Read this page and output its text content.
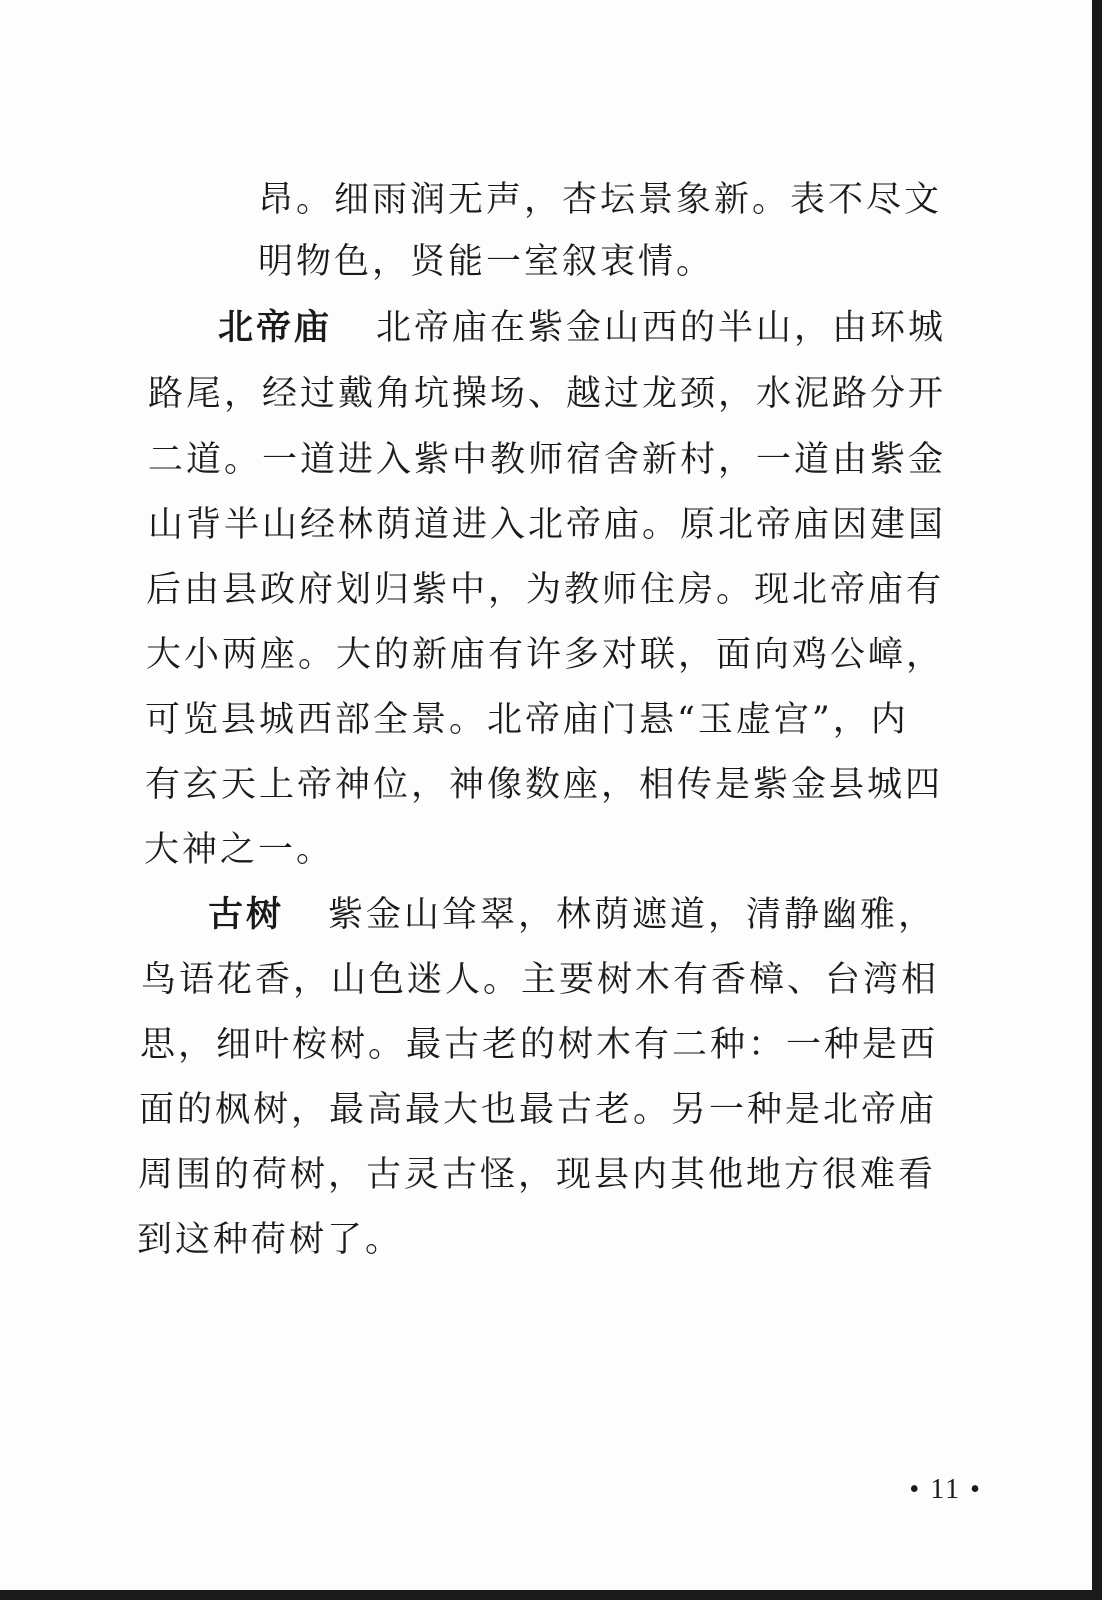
昂。细雨润无声，杏坛景象新。表不尽文
明物色，贤能一室叙衷情。
北帝庙 北帝庙在紫金山西的半山，由环城
路尾，经过戴角坑操场、越过龙颈，水泥路分开
二道。一道进入紫中教师宿舍新村，一道由紫金
山背半山经林荫道进入北帝庙。原北帝庙因建国
后由县政府划归紫中，为教师住房。现北帝庙有
大小两座。大的新庙有许多对联，面向鸡公嶂，
可览县城西部全景。北帝庙门悬“玉虚宫”，内
有玄天上帝神位，神像数座，相传是紫金县城四
大神之一。
古树 紫金山耸翠，林荫遮道，清静幽雅，
鸟语花香，山色迷人。主要树木有香樟、台湾相
思，细叶桉树。最古老的树木有二种：一种是西
面的枫树，最高最大也最古老。另一种是北帝庙
周围的荷树，古灵古怪，现县内其他地方很难看
到这种荷树了。
• 11 •
